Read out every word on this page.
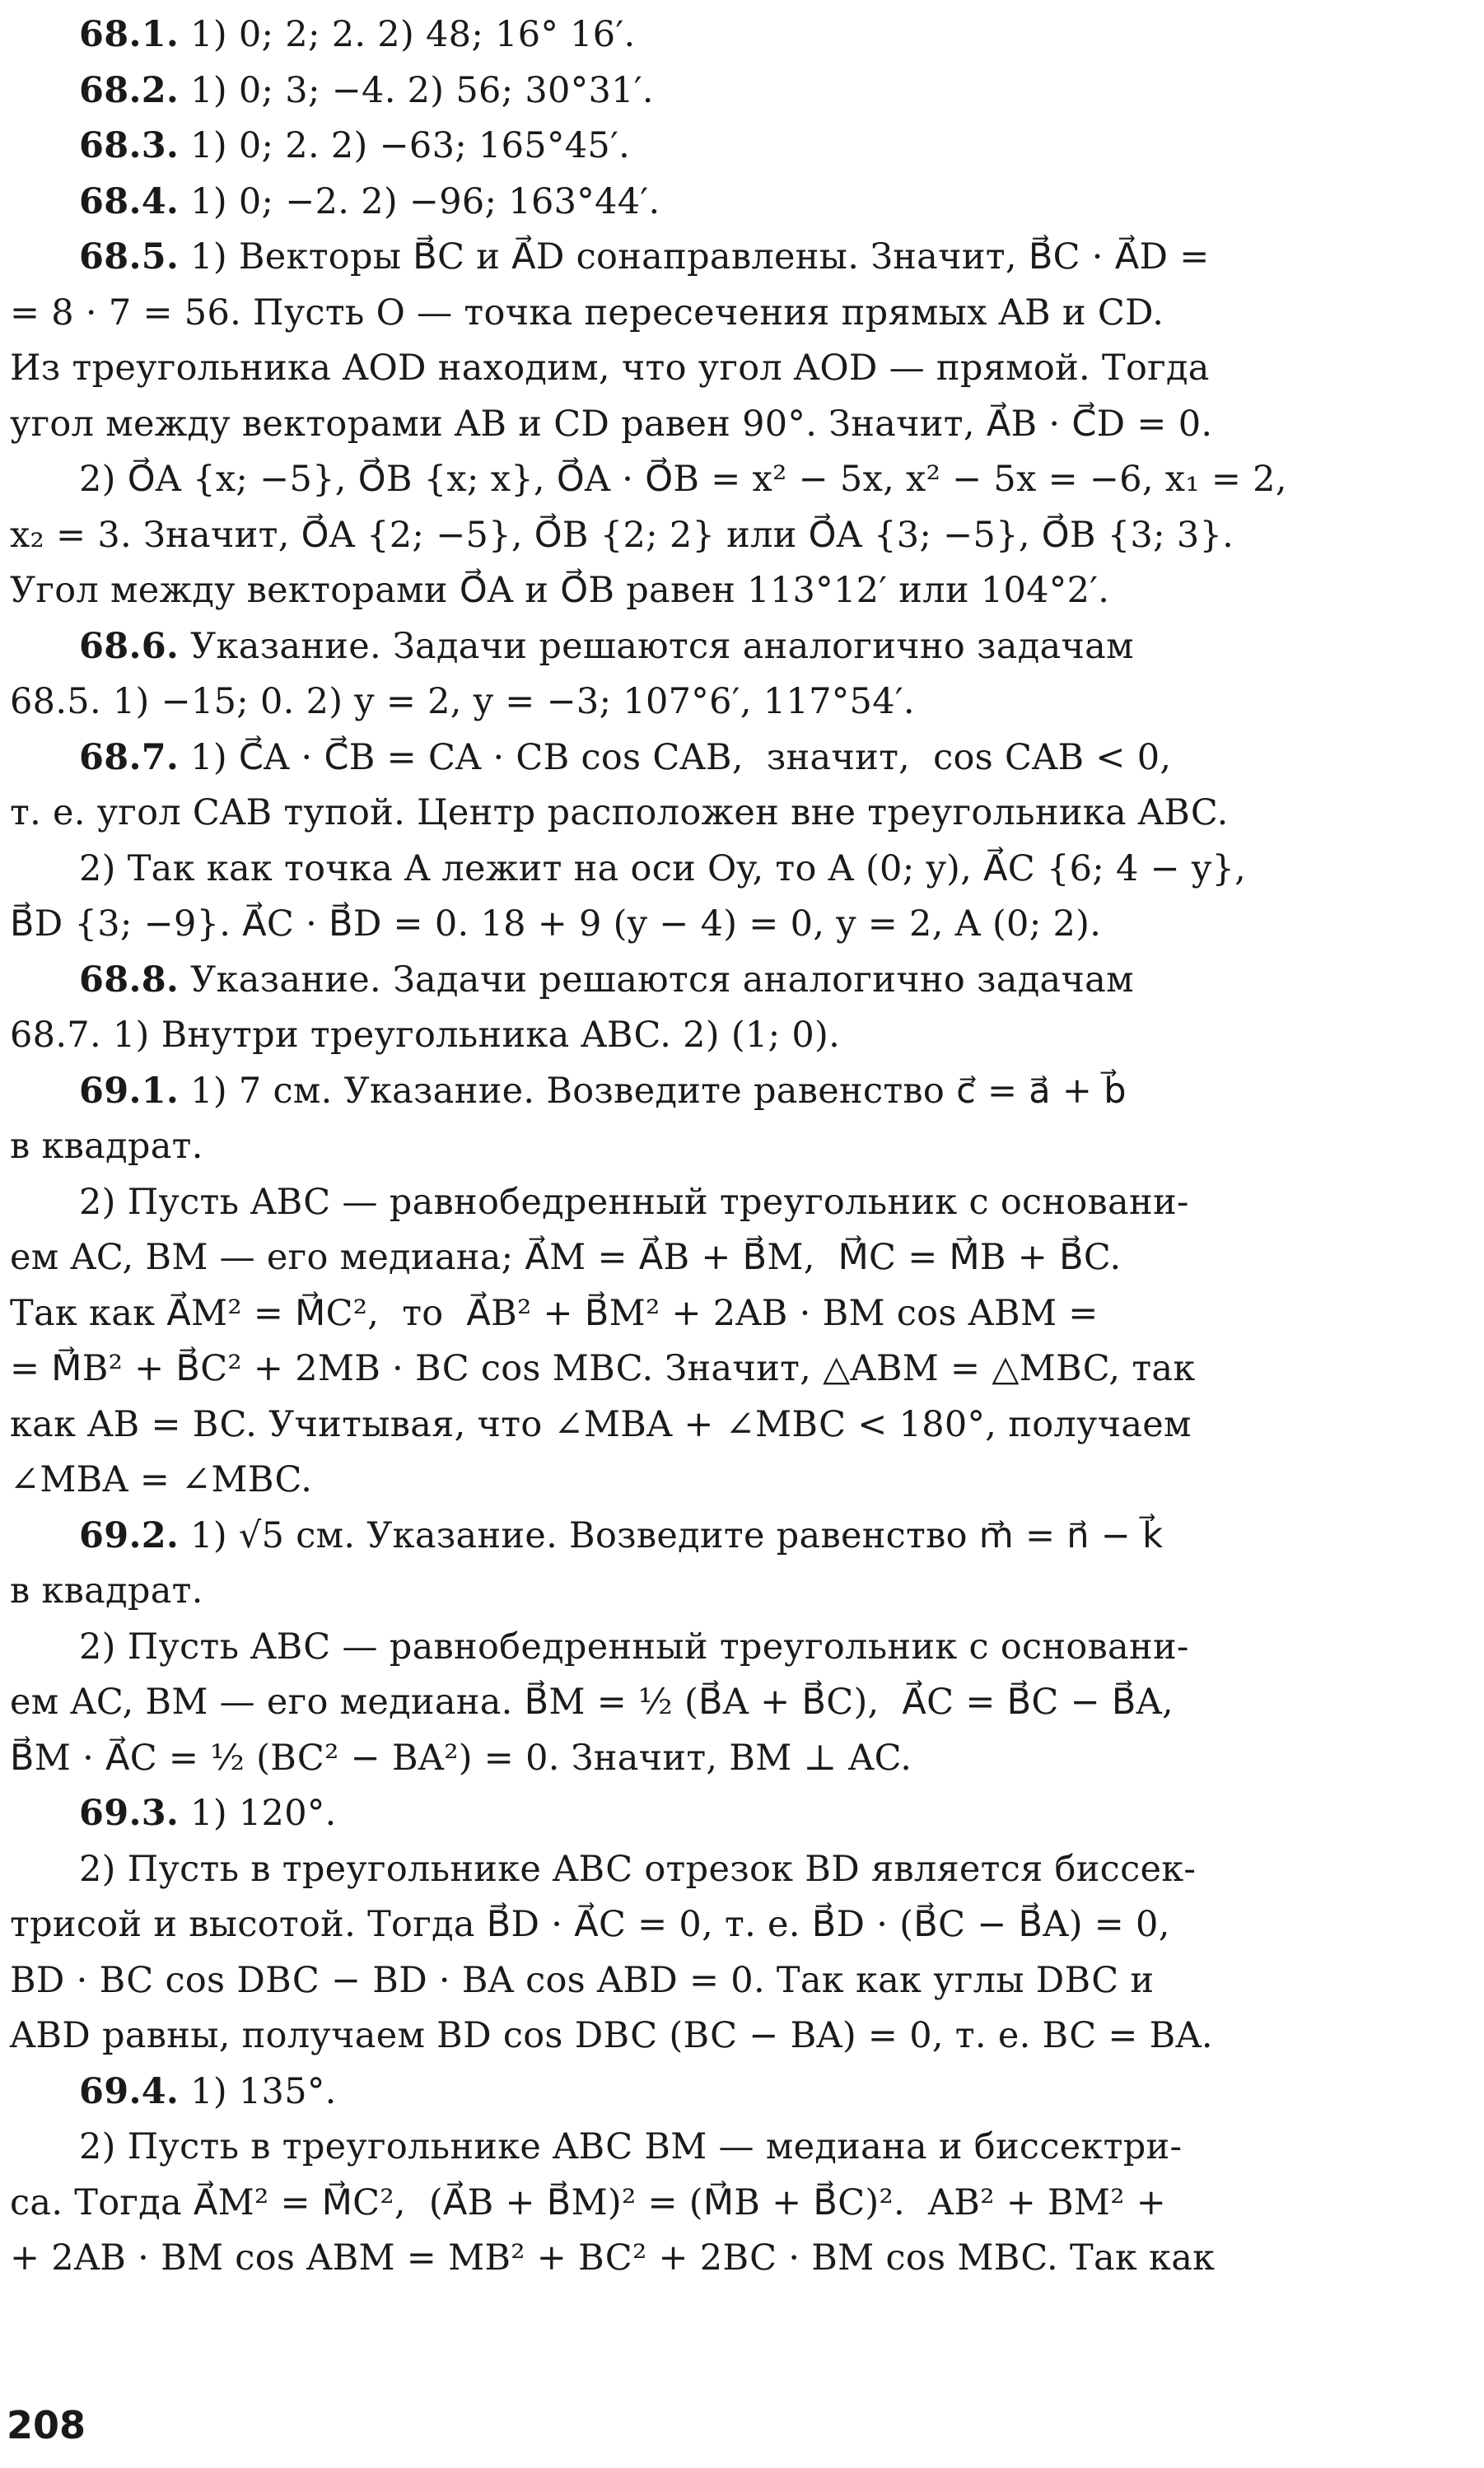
68.1. 1) 0; 2; 2. 2) 48; 16° 16′.
68.2. 1) 0; 3; −4. 2) 56; 30°31′.
68.3. 1) 0; 2. 2) −63; 165°45′.
68.4. 1) 0; −2. 2) −96; 163°44′.
68.5. 1) Векторы B⃗C и A⃗D сонаправлены. Значит, B⃗C · A⃗D =
= 8 · 7 = 56. Пусть O — точка пересечения прямых AB и CD.
Из треугольника AOD находим, что угол AOD — прямой. Тогда
угол между векторами AB и CD равен 90°. Значит, A⃗B · C⃗D = 0.
2) O⃗A {x; −5}, O⃗B {x; x}, O⃗A · O⃗B = x² − 5x, x² − 5x = −6, x₁ = 2,
x₂ = 3. Значит, O⃗A {2; −5}, O⃗B {2; 2} или O⃗A {3; −5}, O⃗B {3; 3}.
Угол между векторами O⃗A и O⃗B равен 113°12′ или 104°2′.
68.6. Указание. Задачи решаются аналогично задачам
68.5. 1) −15; 0. 2) y = 2, y = −3; 107°6′, 117°54′.
68.7. 1) C⃗A · C⃗B = CA · CB cos CAB,  значит,  cos CAB < 0,
т. е. угол CAB тупой. Центр расположен вне треугольника ABC.
2) Так как точка A лежит на оси Oy, то A (0; y), A⃗C {6; 4 − y},
B⃗D {3; −9}. A⃗C · B⃗D = 0. 18 + 9 (y − 4) = 0, y = 2, A (0; 2).
68.8. Указание. Задачи решаются аналогично задачам
68.7. 1) Внутри треугольника ABC. 2) (1; 0).
69.1. 1) 7 см. Указание. Возведите равенство c⃗ = a⃗ + b⃗
в квадрат.
2) Пусть ABC — равнобедренный треугольник с основани-
ем AC, BM — его медиана; A⃗M = A⃗B + B⃗M,  M⃗C = M⃗B + B⃗C.
Так как A⃗M² = M⃗C²,  то  A⃗B² + B⃗M² + 2AB · BM cos ABM =
= M⃗B² + B⃗C² + 2MB · BC cos MBC. Значит, △ABM = △MBC, так
как AB = BC. Учитывая, что ∠MBA + ∠MBC < 180°, получаем
∠MBA = ∠MBC.
69.2. 1) √5 см. Указание. Возведите равенство m⃗ = n⃗ − k⃗
в квадрат.
2) Пусть ABC — равнобедренный треугольник с основани-
ем AC, BM — его медиана. B⃗M = ½ (B⃗A + B⃗C),  A⃗C = B⃗C − B⃗A,
B⃗M · A⃗C = ½ (BC² − BA²) = 0. Значит, BM ⊥ AC.
69.3. 1) 120°.
2) Пусть в треугольнике ABC отрезок BD является биссек-
трисой и высотой. Тогда B⃗D · A⃗C = 0, т. е. B⃗D · (B⃗C − B⃗A) = 0,
BD · BC cos DBC − BD · BA cos ABD = 0. Так как углы DBC и
ABD равны, получаем BD cos DBC (BC − BA) = 0, т. е. BC = BA.
69.4. 1) 135°.
2) Пусть в треугольнике ABC BM — медиана и биссектри-
са. Тогда A⃗M² = M⃗C²,  (A⃗B + B⃗M)² = (M⃗B + B⃗C)².  AB² + BM² +
+ 2AB · BM cos ABM = MB² + BC² + 2BC · BM cos MBC. Так как
208
